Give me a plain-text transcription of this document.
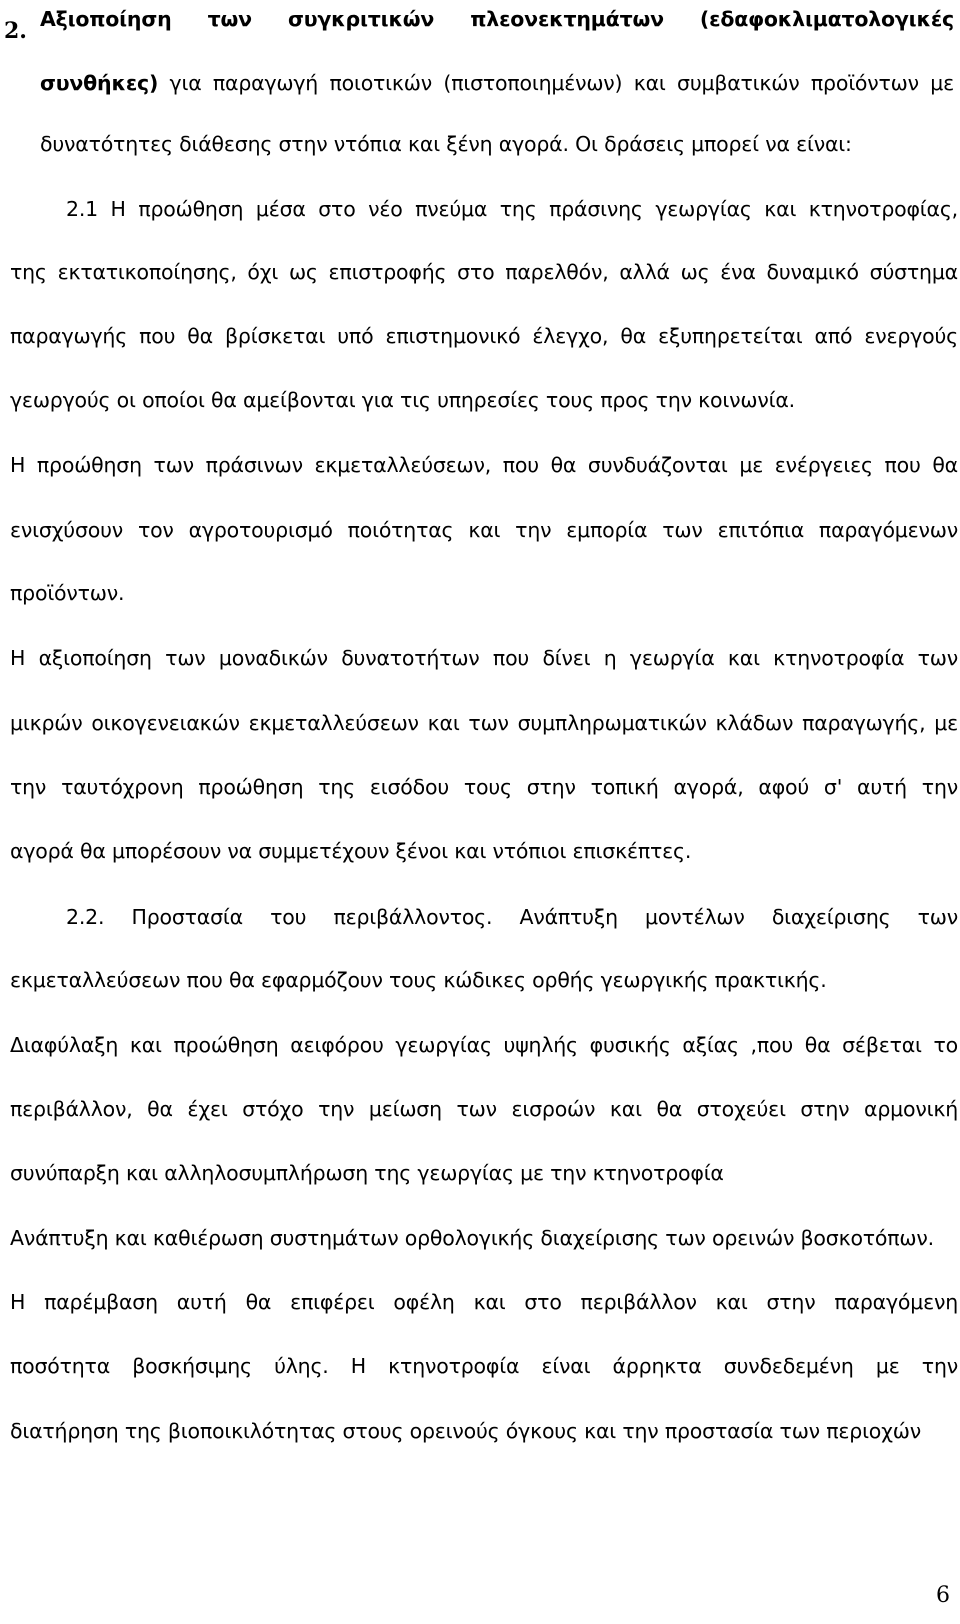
2. Αξιοποίηση των συγκριτικών πλεονεκτημάτων (εδαφοκλιματολογικές
συνθήκες) για παραγωγή ποιοτικών (πιστοποιημένων) και συμβατικών προϊόντων με
δυνατότητες διάθεσης στην ντόπια και ξένη αγορά. Οι δράσεις μπορεί να είναι:
2.1 Η προώθηση μέσα στο νέο πνεύμα της πράσινης γεωργίας και κτηνοτροφίας,
της εκτατικοποίησης, όχι ως επιστροφής στο παρελθόν, αλλά ως ένα δυναμικό σύστημα
παραγωγής που θα βρίσκεται υπό επιστημονικό έλεγχο, θα εξυπηρετείται από ενεργούς
γεωργούς οι οποίοι θα αμείβονται για τις υπηρεσίες τους προς την κοινωνία.
Η προώθηση των πράσινων εκμεταλλεύσεων, που θα συνδυάζονται με ενέργειες που θα
ενισχύσουν τον αγροτουρισμό ποιότητας και την εμπορία των επιτόπια παραγόμενων
προϊόντων.
Η αξιοποίηση των μοναδικών δυνατοτήτων που δίνει η γεωργία και κτηνοτροφία των
μικρών οικογενειακών εκμεταλλεύσεων και των συμπληρωματικών κλάδων παραγωγής, με
την ταυτόχρονη προώθηση της εισόδου τους στην τοπική αγορά, αφού σ' αυτή την
αγορά θα μπορέσουν να συμμετέχουν ξένοι και ντόπιοι επισκέπτες.
2.2. Προστασία του περιβάλλοντος. Ανάπτυξη μοντέλων διαχείρισης των
εκμεταλλεύσεων που θα εφαρμόζουν τους κώδικες ορθής γεωργικής πρακτικής.
Διαφύλαξη και προώθηση αειφόρου γεωργίας υψηλής φυσικής αξίας ,που θα σέβεται το
περιβάλλον, θα έχει στόχο την μείωση των εισροών και θα στοχεύει στην αρμονική
συνύπαρξη και αλληλοσυμπλήρωση της γεωργίας με την κτηνοτροφία
Ανάπτυξη και καθιέρωση συστημάτων ορθολογικής διαχείρισης των ορεινών βοσκοτόπων.
Η παρέμβαση αυτή θα επιφέρει οφέλη και στο περιβάλλον και στην παραγόμενη
ποσότητα βοσκήσιμης ύλης. Η κτηνοτροφία είναι άρρηκτα συνδεδεμένη με την
διατήρηση της βιοποικιλότητας στους ορεινούς όγκους και την προστασία των περιοχών
6
